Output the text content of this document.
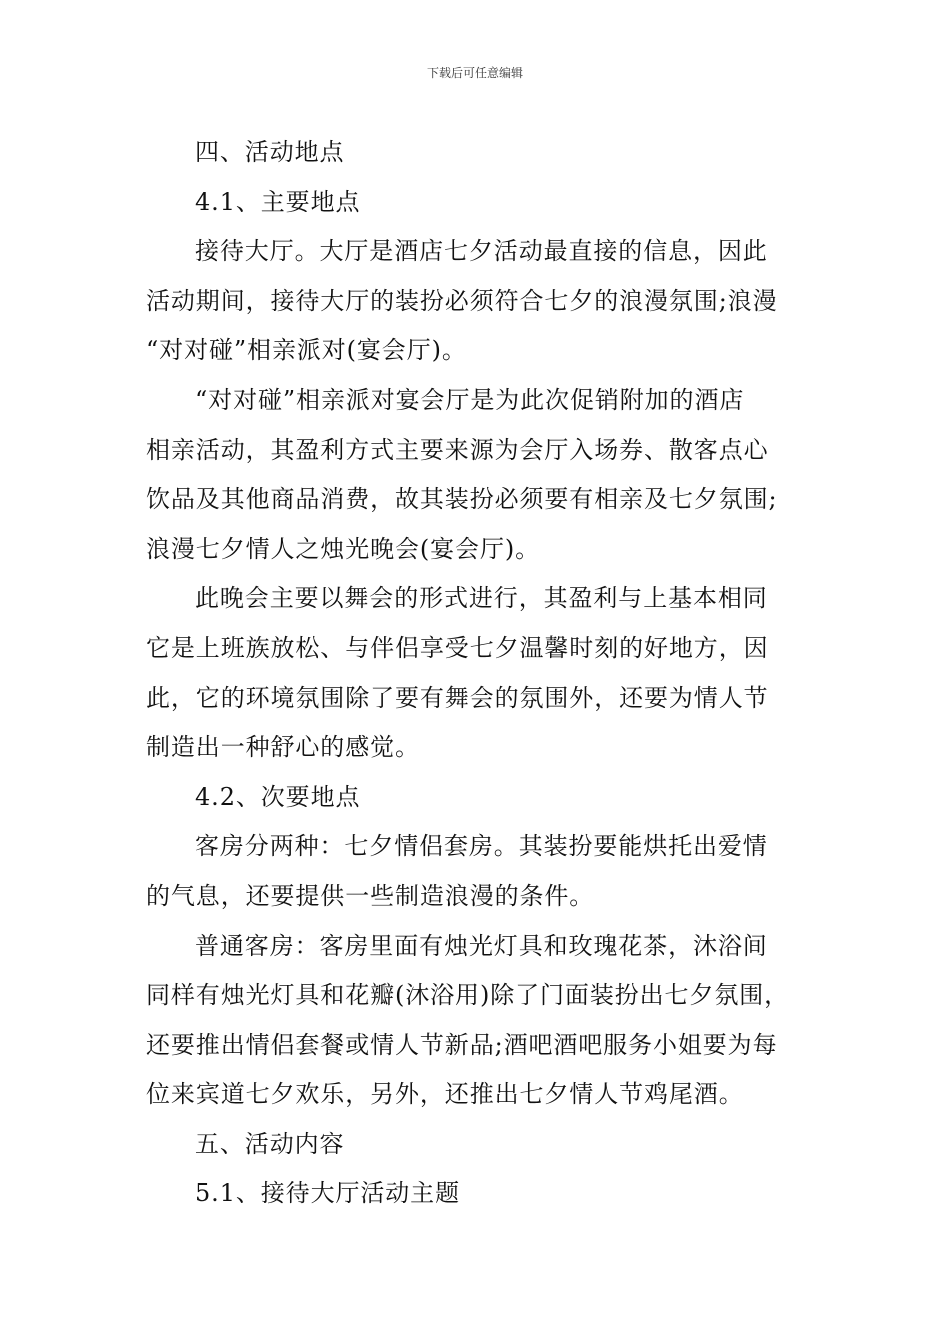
下载后可任意编辑

四、活动地点

4.1、主要地点

接待大厅。大厅是酒店七夕活动最直接的信息，因此

活动期间，接待大厅的装扮必须符合七夕的浪漫氛围;浪漫

“对对碰”相亲派对(宴会厅)。

“对对碰”相亲派对宴会厅是为此次促销附加的酒店

相亲活动，其盈利方式主要来源为会厅入场券、散客点心

饮品及其他商品消费，故其装扮必须要有相亲及七夕氛围;

浪漫七夕情人之烛光晚会(宴会厅)。

此晚会主要以舞会的形式进行，其盈利与上基本相同

它是上班族放松、与伴侣享受七夕温馨时刻的好地方，因

此，它的环境氛围除了要有舞会的氛围外，还要为情人节

制造出一种舒心的感觉。

4.2、次要地点

客房分两种：七夕情侣套房。其装扮要能烘托出爱情

的气息，还要提供一些制造浪漫的条件。

普通客房：客房里面有烛光灯具和玫瑰花茶，沐浴间

同样有烛光灯具和花瓣(沐浴用)除了门面装扮出七夕氛围，

还要推出情侣套餐或情人节新品;酒吧酒吧服务小姐要为每

位来宾道七夕欢乐，另外，还推出七夕情人节鸡尾酒。

五、活动内容

5.1、接待大厅活动主题
